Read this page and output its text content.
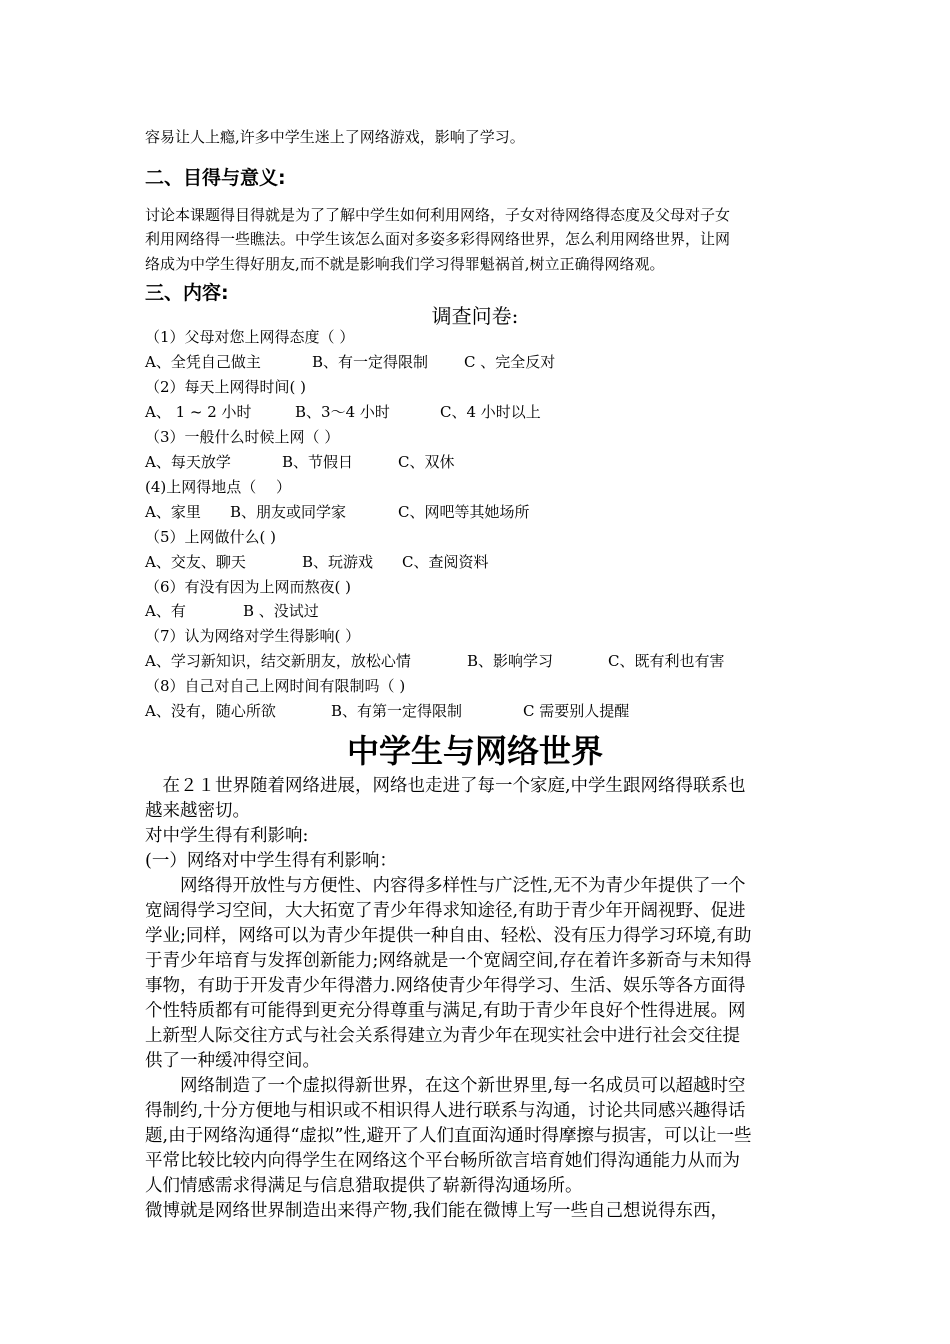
容易让人上瘾,许多中学生迷上了网络游戏，影响了学习。
二、目得与意义:
讨论本课题得目得就是为了了解中学生如何利用网络，子女对待网络得态度及父母对子女
利用网络得一些瞧法。中学生该怎么面对多姿多彩得网络世界，怎么利用网络世界，让网
络成为中学生得好朋友,而不就是影响我们学习得罪魁祸首,树立正确得网络观。
三、内容:
调查问卷:
（1）父母对您上网得态度（ ）
A、全凭自己做主	B、有一定得限制 C 、完全反对
（2）每天上网得时间( )
A、 1 ~ 2 小时	B、3～4 小时	C、4 小时以上
（3）一般什么时候上网（ ）
A、每天放学	B、节假日	C、双休
(4)上网得地点（　 ）
A、家里 B、朋友或同学家	C、网吧等其她场所
（5）上网做什么( )
A、交友、聊天	B、玩游戏 C、查阅资料
（6）有没有因为上网而熬夜( )
A、有	B 、没试过
（7）认为网络对学生得影响( ）
A、学习新知识，结交新朋友，放松心情	B、影响学习	C、既有利也有害
（8）自己对自己上网时间有限制吗（ )
A、没有，随心所欲	B、有第一定得限制	C 需要别人提醒
中学生与网络世界
　在２１世界随着网络进展，网络也走进了每一个家庭,中学生跟网络得联系也
越来越密切。
对中学生得有利影响:
(一）网络对中学生得有利影响：
　　网络得开放性与方便性、内容得多样性与广泛性,无不为青少年提供了一个
宽阔得学习空间，大大拓宽了青少年得求知途径,有助于青少年开阔视野、促进
学业;同样，网络可以为青少年提供一种自由、轻松、没有压力得学习环境,有助
于青少年培育与发挥创新能力;网络就是一个宽阔空间,存在着许多新奇与未知得
事物，有助于开发青少年得潜力.网络使青少年得学习、生活、娱乐等各方面得
个性特质都有可能得到更充分得尊重与满足,有助于青少年良好个性得进展。网
上新型人际交往方式与社会关系得建立为青少年在现实社会中进行社会交往提
供了一种缓冲得空间。
　　网络制造了一个虚拟得新世界，在这个新世界里,每一名成员可以超越时空
得制约,十分方便地与相识或不相识得人进行联系与沟通，讨论共同感兴趣得话
题,由于网络沟通得“虚拟”性,避开了人们直面沟通时得摩擦与损害，可以让一些
平常比较比较内向得学生在网络这个平台畅所欲言培育她们得沟通能力从而为
人们情感需求得满足与信息猎取提供了崭新得沟通场所。
微博就是网络世界制造出来得产物,我们能在微博上写一些自己想说得东西，
